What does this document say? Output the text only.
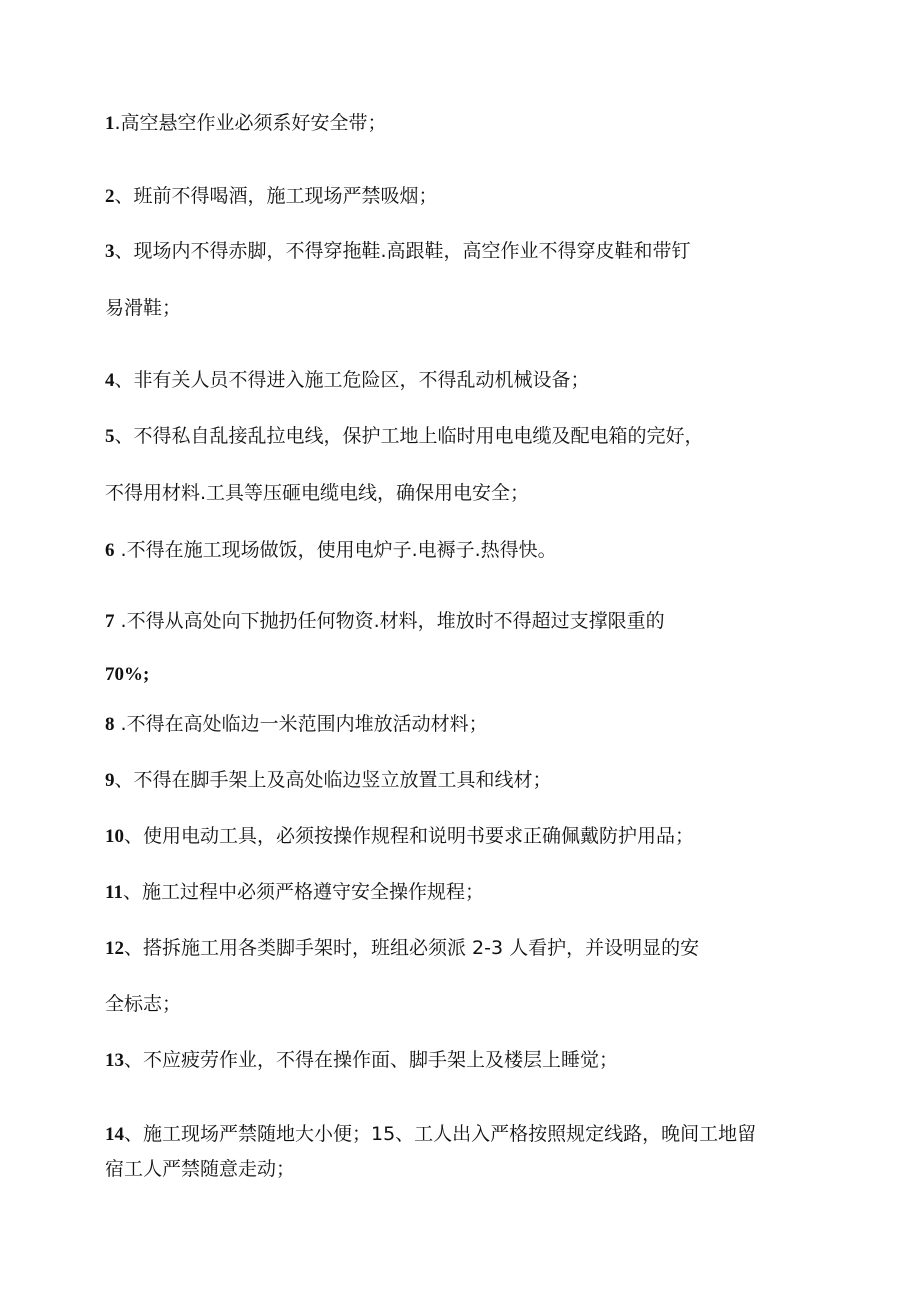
1.高空悬空作业必须系好安全带；

2、班前不得喝酒，施工现场严禁吸烟；

3、现场内不得赤脚，不得穿拖鞋.高跟鞋，高空作业不得穿皮鞋和带钉

易滑鞋；

4、非有关人员不得进入施工危险区，不得乱动机械设备；

5、不得私自乱接乱拉电线，保护工地上临时用电电缆及配电箱的完好，

不得用材料.工具等压砸电缆电线，确保用电安全；

6 .不得在施工现场做饭，使用电炉子.电褥子.热得快。

7 .不得从高处向下抛扔任何物资.材料，堆放时不得超过支撑限重的

70%;

8 .不得在高处临边一米范围内堆放活动材料；

9、不得在脚手架上及高处临边竖立放置工具和线材；

10、使用电动工具，必须按操作规程和说明书要求正确佩戴防护用品；

11、施工过程中必须严格遵守安全操作规程；

12、搭拆施工用各类脚手架时，班组必须派 2-3 人看护，并设明显的安

全标志；

13、不应疲劳作业，不得在操作面、脚手架上及楼层上睡觉；

14、施工现场严禁随地大小便；15、工人出入严格按照规定线路，晚间工地留

宿工人严禁随意走动；
